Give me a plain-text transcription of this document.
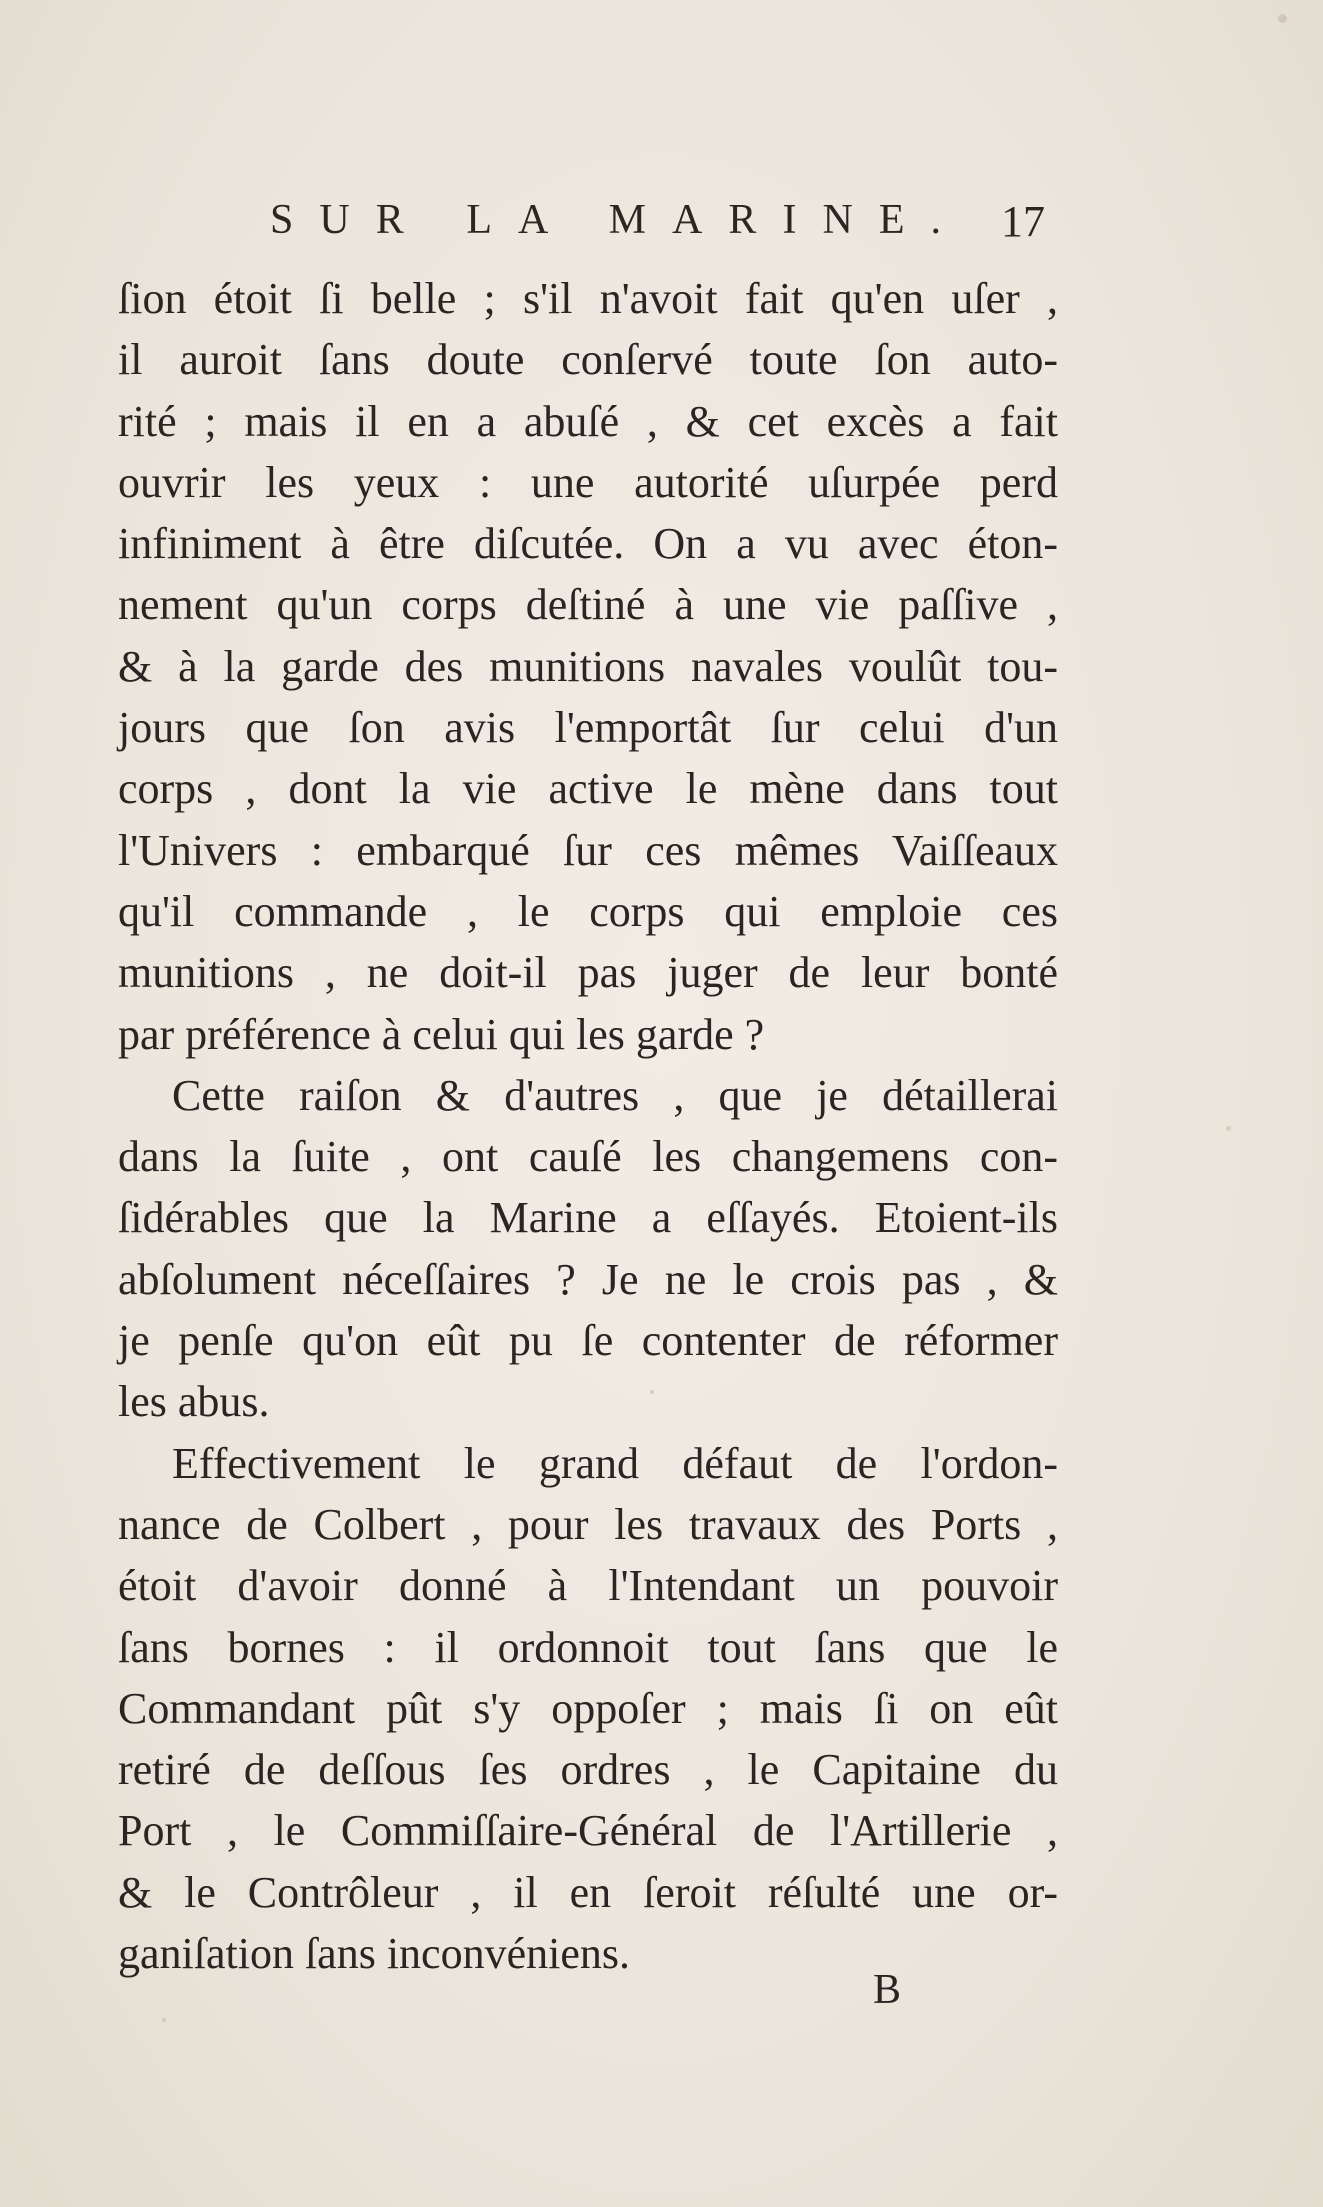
SUR LA MARINE. 17
ſion étoit ſi belle ; s'il n'avoit fait qu'en uſer ,
il auroit ſans doute conſervé toute ſon auto-
rité ; mais il en a abuſé , & cet excès a fait
ouvrir les yeux : une autorité uſurpée perd
infiniment à être diſcutée. On a vu avec éton-
nement qu'un corps deſtiné à une vie paſſive ,
& à la garde des munitions navales voulût tou-
jours que ſon avis l'emportât ſur celui d'un
corps , dont la vie active le mène dans tout
l'Univers : embarqué ſur ces mêmes Vaiſſeaux
qu'il commande , le corps qui emploie ces
munitions , ne doit-il pas juger de leur bonté
par préférence à celui qui les garde ?
Cette raiſon & d'autres , que je détaillerai
dans la ſuite , ont cauſé les changemens con-
ſidérables que la Marine a eſſayés. Etoient-ils
abſolument néceſſaires ? Je ne le crois pas , &
je penſe qu'on eût pu ſe contenter de réformer
les abus.
Effectivement le grand défaut de l'ordon-
nance de Colbert , pour les travaux des Ports ,
étoit d'avoir donné à l'Intendant un pouvoir
ſans bornes : il ordonnoit tout ſans que le
Commandant pût s'y oppoſer ; mais ſi on eût
retiré de deſſous ſes ordres , le Capitaine du
Port , le Commiſſaire-Général de l'Artillerie ,
& le Contrôleur , il en ſeroit réſulté une or-
ganiſation ſans inconvéniens.
B
